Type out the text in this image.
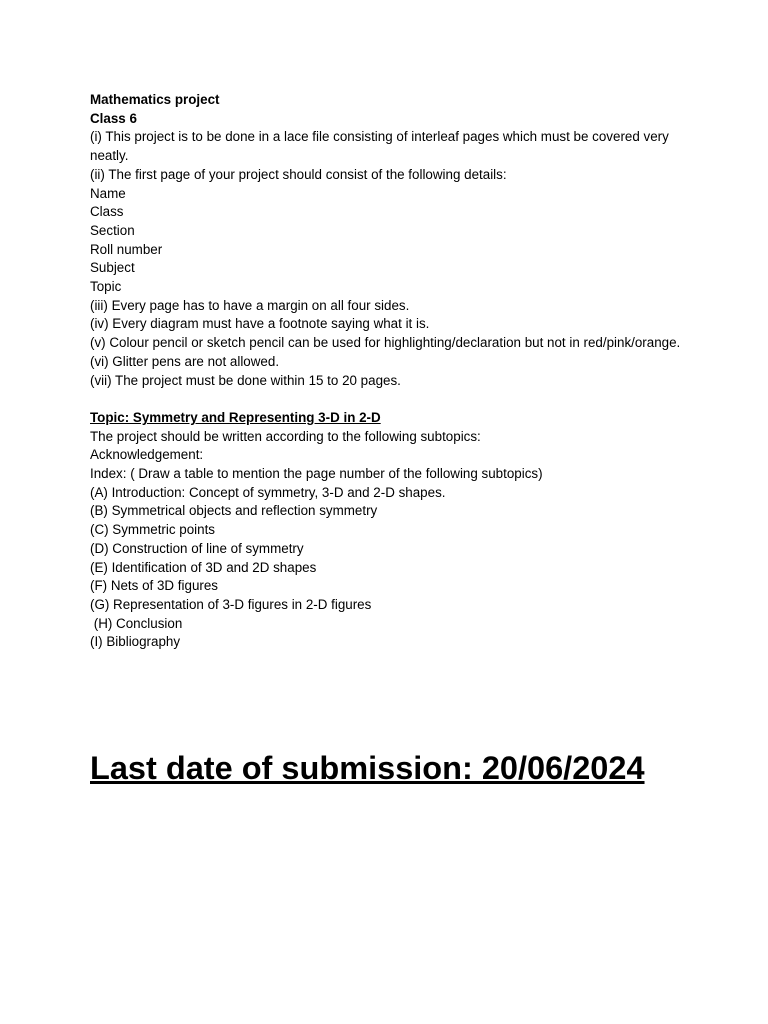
Mathematics project

Class 6

(i) This project is to be done in a lace file consisting of interleaf pages which must be covered very neatly.

(ii) The first page of your project should consist of the following details:

Name

Class

Section

Roll number

Subject

Topic

(iii) Every page has to have a margin on all four sides.

(iv) Every diagram must have a footnote saying what it is.

(v) Colour pencil or sketch pencil can be used for highlighting/declaration but not in red/pink/orange.

(vi) Glitter pens are not allowed.

(vii) The project must be done within 15 to 20 pages.

Topic: Symmetry and Representing 3-D in 2-D

The project should be written according to the following subtopics:

Acknowledgement:

Index: ( Draw a table to mention the page number of the following subtopics)

(A) Introduction: Concept of symmetry, 3-D and 2-D shapes.

(B) Symmetrical objects and reflection symmetry

(C) Symmetric points

(D) Construction of line of symmetry

(E) Identification of 3D and 2D shapes

(F) Nets of 3D figures

(G) Representation of 3-D figures in 2-D figures

(H) Conclusion

(I) Bibliography

Last date of submission: 20/06/2024
